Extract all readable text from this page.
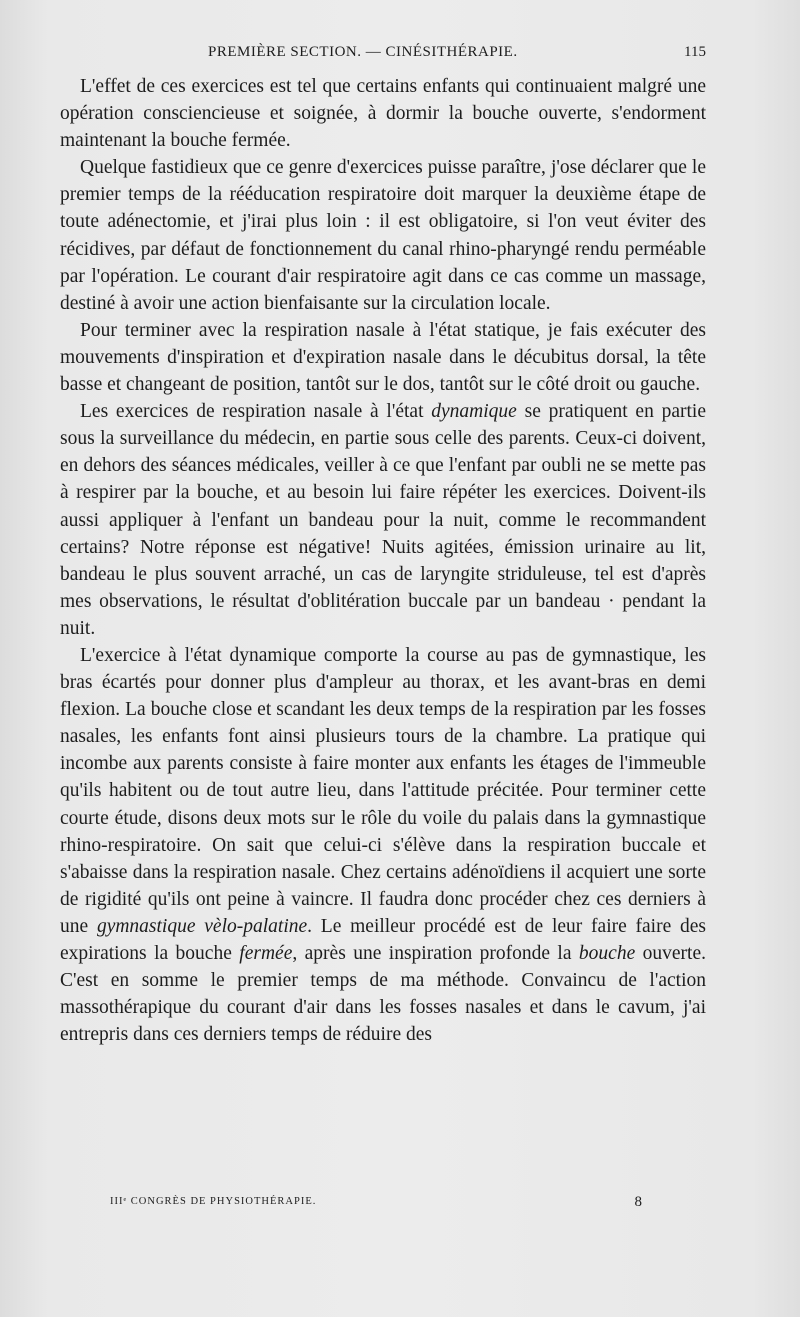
PREMIÈRE SECTION. — CINÉSITHÉRAPIE.	115

L'effet de ces exercices est tel que certains enfants qui continuaient malgré une opération consciencieuse et soignée, à dormir la bouche ouverte, s'endorment maintenant la bouche fermée.

Quelque fastidieux que ce genre d'exercices puisse paraître, j'ose déclarer que le premier temps de la rééducation respiratoire doit marquer la deuxième étape de toute adénectomie, et j'irai plus loin : il est obligatoire, si l'on veut éviter des récidives, par défaut de fonctionnement du canal rhino-pharyngé rendu perméable par l'opération. Le courant d'air respiratoire agit dans ce cas comme un massage, destiné à avoir une action bienfaisante sur la circulation locale.

Pour terminer avec la respiration nasale à l'état statique, je fais exécuter des mouvements d'inspiration et d'expiration nasale dans le décubitus dorsal, la tête basse et changeant de position, tantôt sur le dos, tantôt sur le côté droit ou gauche.

Les exercices de respiration nasale à l'état dynamique se pratiquent en partie sous la surveillance du médecin, en partie sous celle des parents. Ceux-ci doivent, en dehors des séances médicales, veiller à ce que l'enfant par oubli ne se mette pas à respirer par la bouche, et au besoin lui faire répéter les exercices. Doivent-ils aussi appliquer à l'enfant un bandeau pour la nuit, comme le recommandent certains? Notre réponse est négative! Nuits agitées, émission urinaire au lit, bandeau le plus souvent arraché, un cas de laryngite striduleuse, tel est d'après mes observations, le résultat d'oblitération buccale par un bandeau · pendant la nuit.

L'exercice à l'état dynamique comporte la course au pas de gymnastique, les bras écartés pour donner plus d'ampleur au thorax, et les avant-bras en demi flexion. La bouche close et scandant les deux temps de la respiration par les fosses nasales, les enfants font ainsi plusieurs tours de la chambre. La pratique qui incombe aux parents consiste à faire monter aux enfants les étages de l'immeuble qu'ils habitent ou de tout autre lieu, dans l'attitude précitée. Pour terminer cette courte étude, disons deux mots sur le rôle du voile du palais dans la gymnastique rhino-respiratoire. On sait que celui-ci s'élève dans la respiration buccale et s'abaisse dans la respiration nasale. Chez certains adénoïdiens il acquiert une sorte de rigidité qu'ils ont peine à vaincre. Il faudra donc procéder chez ces derniers à une gymnastique vèlo-palatine. Le meilleur procédé est de leur faire faire des expirations la bouche fermée, après une inspiration profonde la bouche ouverte. C'est en somme le premier temps de ma méthode. Convaincu de l'action massothérapique du courant d'air dans les fosses nasales et dans le cavum, j'ai entrepris dans ces derniers temps de réduire des

IIIᵉ CONGRÈS DE PHYSIOTHÉRAPIE.	8
